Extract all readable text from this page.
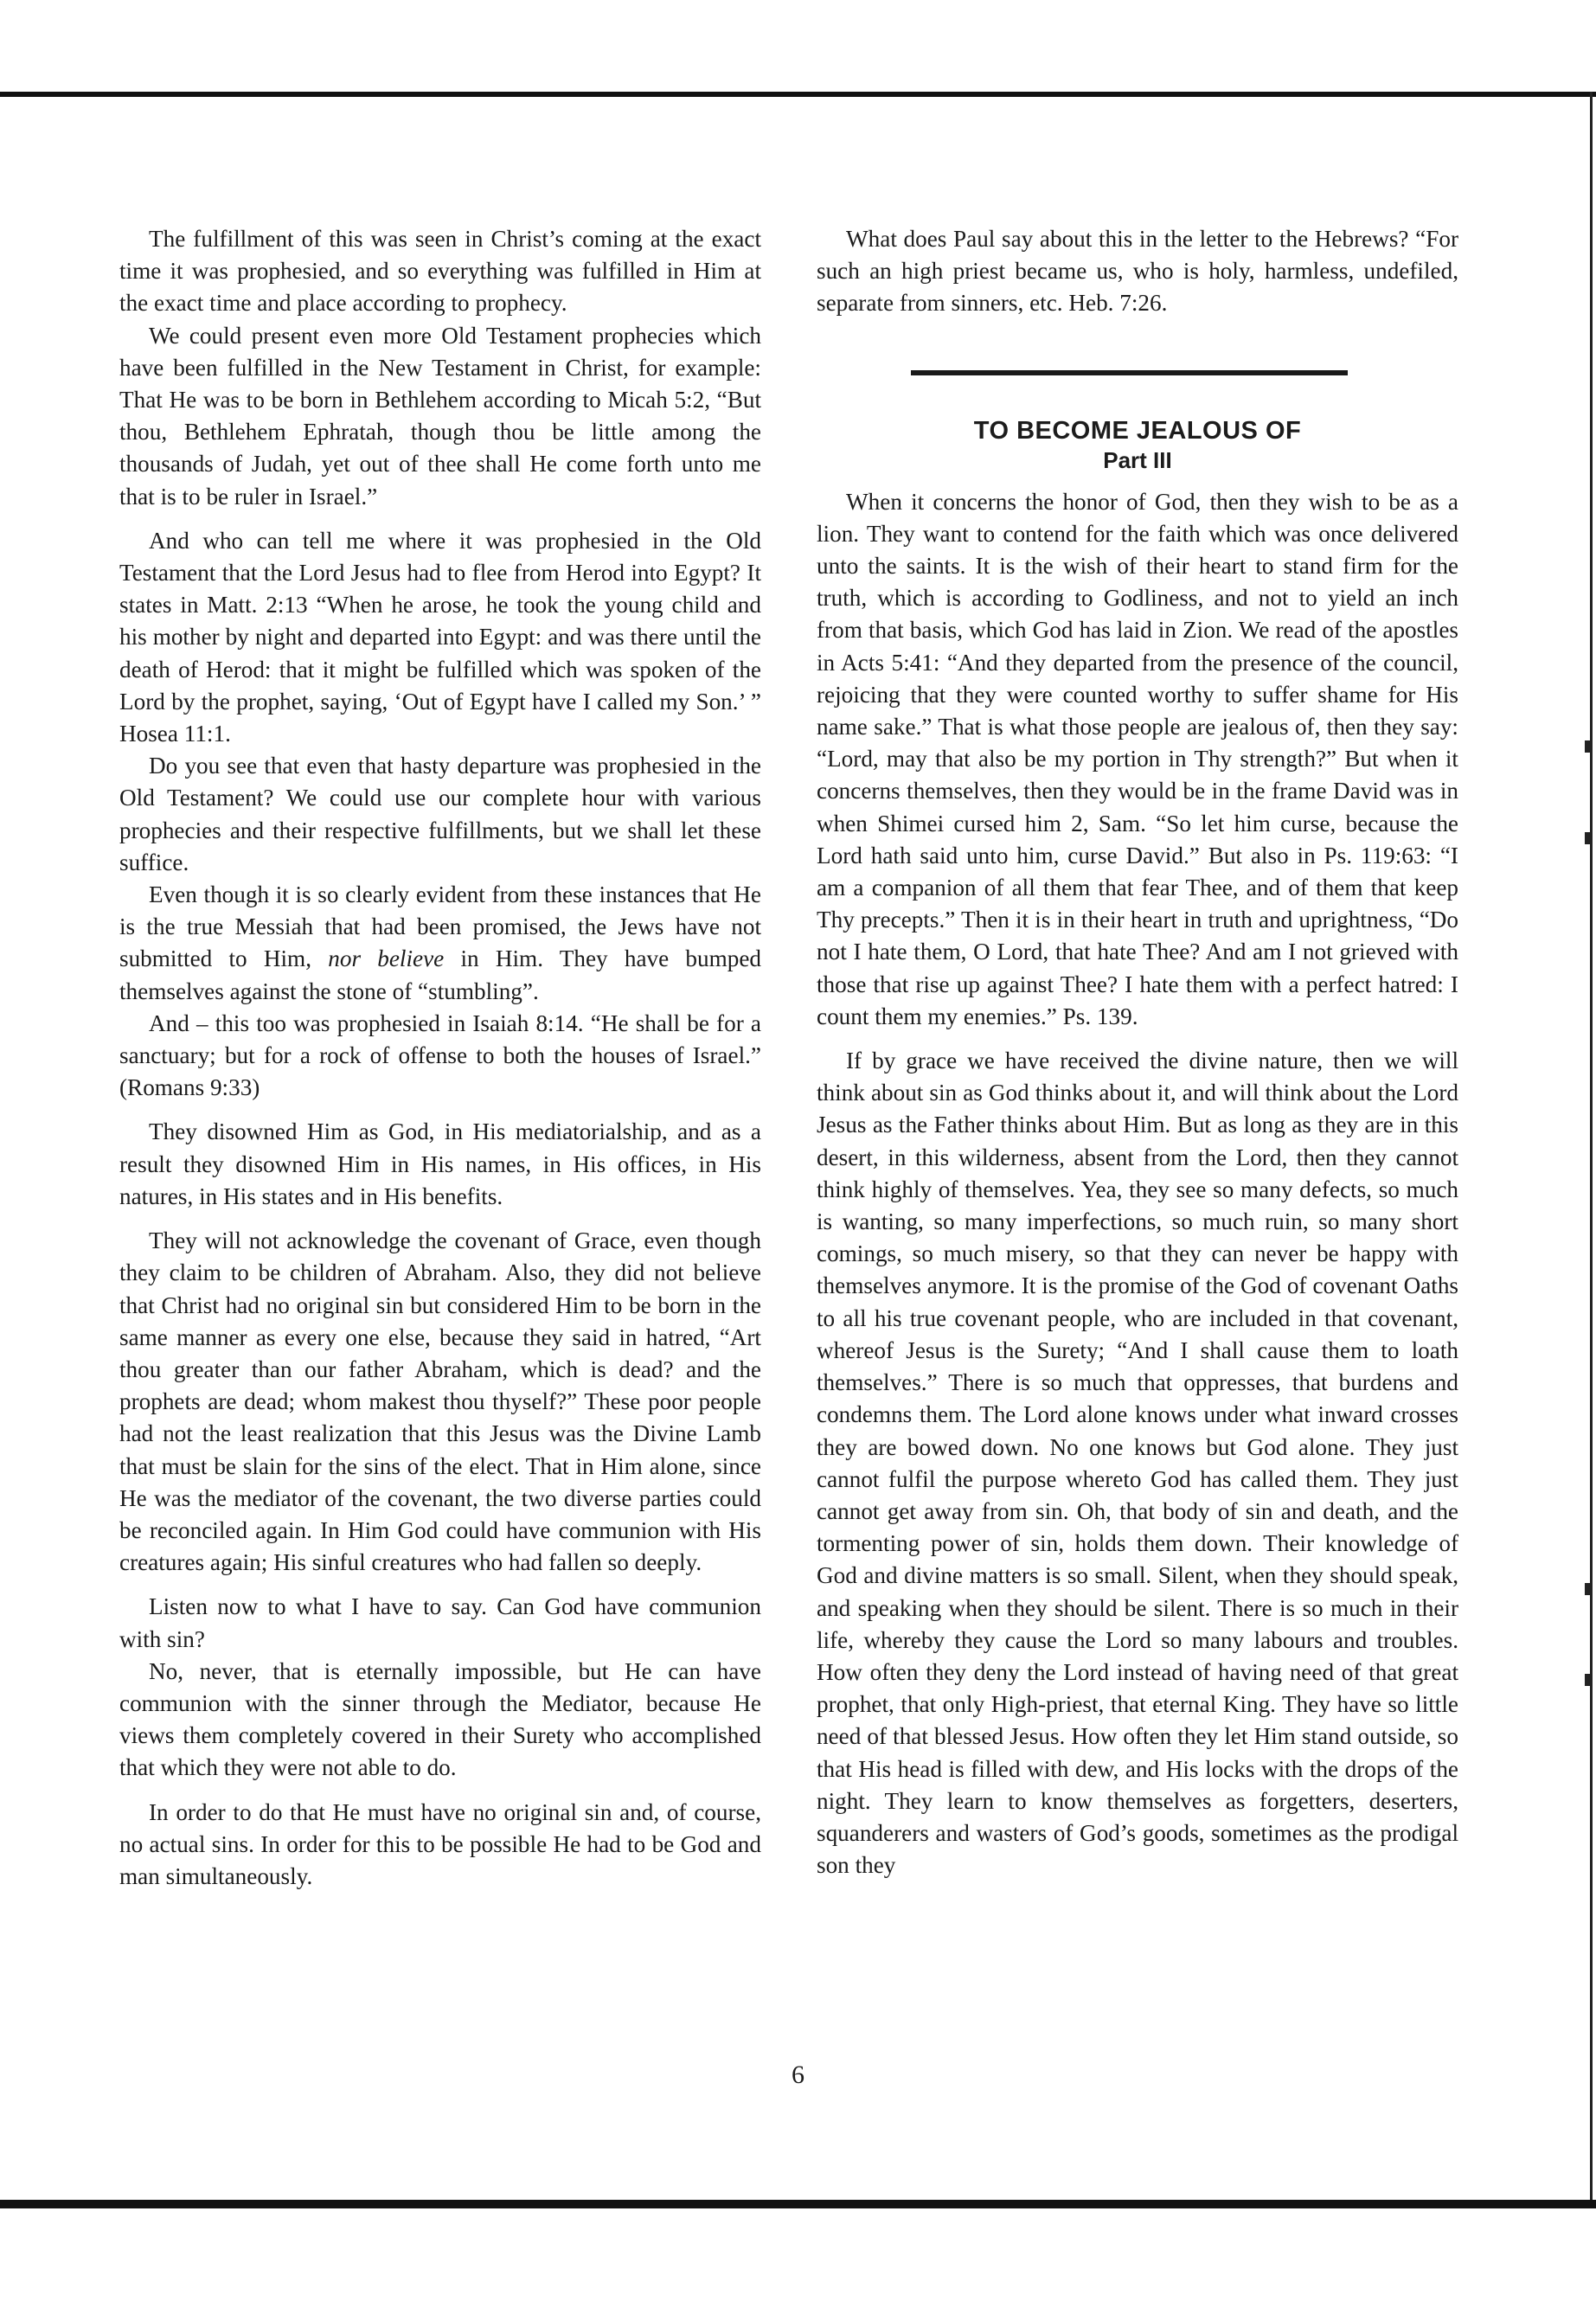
The fulfillment of this was seen in Christ’s coming at the exact time it was prophesied, and so everything was fulfilled in Him at the exact time and place according to prophecy.

We could present even more Old Testament prophecies which have been fulfilled in the New Testament in Christ, for example: That He was to be born in Bethlehem according to Micah 5:2, “But thou, Bethlehem Ephratah, though thou be little among the thousands of Judah, yet out of thee shall He come forth unto me that is to be ruler in Israel.”

And who can tell me where it was prophesied in the Old Testament that the Lord Jesus had to flee from Herod into Egypt? It states in Matt. 2:13 “When he arose, he took the young child and his mother by night and departed into Egypt: and was there until the death of Herod: that it might be fulfilled which was spoken of the Lord by the prophet, saying, ‘Out of Egypt have I called my Son.’ ” Hosea 11:1.

Do you see that even that hasty departure was prophesied in the Old Testament? We could use our complete hour with various prophecies and their respective fulfillments, but we shall let these suffice.

Even though it is so clearly evident from these instances that He is the true Messiah that had been promised, the Jews have not submitted to Him, nor believe in Him. They have bumped themselves against the stone of “stumbling”.

And – this too was prophesied in Isaiah 8:14. “He shall be for a sanctuary; but for a rock of offense to both the houses of Israel.” (Romans 9:33)

They disowned Him as God, in His mediatorialship, and as a result they disowned Him in His names, in His offices, in His natures, in His states and in His benefits.

They will not acknowledge the covenant of Grace, even though they claim to be children of Abraham. Also, they did not believe that Christ had no original sin but considered Him to be born in the same manner as every one else, because they said in hatred, “Art thou greater than our father Abraham, which is dead? and the prophets are dead; whom makest thou thyself?” These poor people had not the least realization that this Jesus was the Divine Lamb that must be slain for the sins of the elect. That in Him alone, since He was the mediator of the covenant, the two diverse parties could be reconciled again. In Him God could have communion with His creatures again; His sinful creatures who had fallen so deeply.

Listen now to what I have to say. Can God have communion with sin?

No, never, that is eternally impossible, but He can have communion with the sinner through the Mediator, because He views them completely covered in their Surety who accomplished that which they were not able to do.

In order to do that He must have no original sin and, of course, no actual sins. In order for this to be possible He had to be God and man simultaneously.

What does Paul say about this in the letter to the Hebrews? “For such an high priest became us, who is holy, harmless, undefiled, separate from sinners, etc. Heb. 7:26.

TO BECOME JEALOUS OF
Part III

When it concerns the honor of God, then they wish to be as a lion. They want to contend for the faith which was once delivered unto the saints. It is the wish of their heart to stand firm for the truth, which is according to Godliness, and not to yield an inch from that basis, which God has laid in Zion. We read of the apostles in Acts 5:41: “And they departed from the presence of the council, rejoicing that they were counted worthy to suffer shame for His name sake.” That is what those people are jealous of, then they say: “Lord, may that also be my portion in Thy strength?” But when it concerns themselves, then they would be in the frame David was in when Shimei cursed him 2, Sam. “So let him curse, because the Lord hath said unto him, curse David.” But also in Ps. 119:63: “I am a companion of all them that fear Thee, and of them that keep Thy precepts.” Then it is in their heart in truth and uprightness, “Do not I hate them, O Lord, that hate Thee? And am I not grieved with those that rise up against Thee? I hate them with a perfect hatred: I count them my enemies.” Ps. 139.

If by grace we have received the divine nature, then we will think about sin as God thinks about it, and will think about the Lord Jesus as the Father thinks about Him. But as long as they are in this desert, in this wilderness, absent from the Lord, then they cannot think highly of themselves. Yea, they see so many defects, so much is wanting, so many imperfections, so much ruin, so many short comings, so much misery, so that they can never be happy with themselves anymore. It is the promise of the God of covenant Oaths to all his true covenant people, who are included in that covenant, whereof Jesus is the Surety; “And I shall cause them to loath themselves.” There is so much that oppresses, that burdens and condemns them. The Lord alone knows under what inward crosses they are bowed down. No one knows but God alone. They just cannot fulfil the purpose whereto God has called them. They just cannot get away from sin. Oh, that body of sin and death, and the tormenting power of sin, holds them down. Their knowledge of God and divine matters is so small. Silent, when they should speak, and speaking when they should be silent. There is so much in their life, whereby they cause the Lord so many labours and troubles. How often they deny the Lord instead of having need of that great prophet, that only High-priest, that eternal King. They have so little need of that blessed Jesus. How often they let Him stand outside, so that His head is filled with dew, and His locks with the drops of the night. They learn to know themselves as forgetters, deserters, squanderers and wasters of God’s goods, sometimes as the prodigal son they

6
